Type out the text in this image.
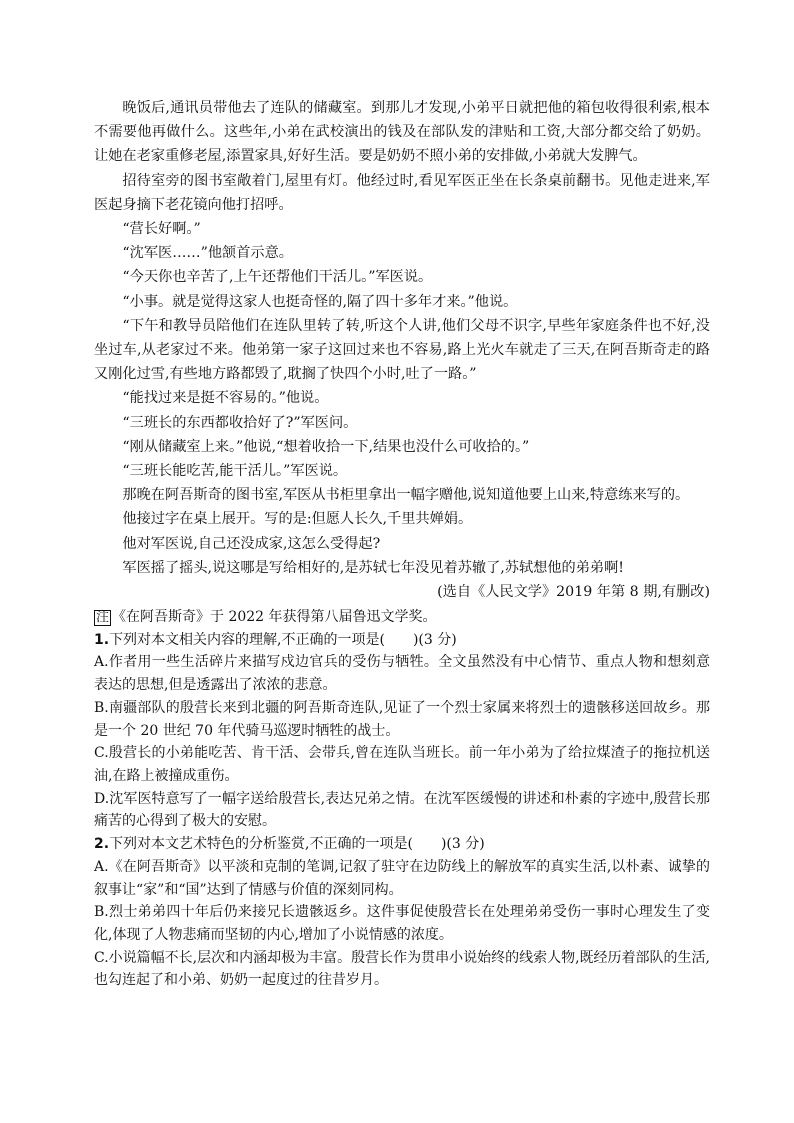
晚饭后,通讯员带他去了连队的储藏室。到那儿才发现,小弟平日就把他的箱包收得很利索,根本不需要他再做什么。这些年,小弟在武校演出的钱及在部队发的津贴和工资,大部分都交给了奶奶。让她在老家重修老屋,添置家具,好好生活。要是奶奶不照小弟的安排做,小弟就大发脾气。

招待室旁的图书室敞着门,屋里有灯。他经过时,看见军医正坐在长条桌前翻书。见他走进来,军医起身摘下老花镜向他打招呼。

“营长好啊。”

“沈军医……”他颔首示意。

“今天你也辛苦了,上午还帮他们干活儿。”军医说。

“小事。就是觉得这家人也挺奇怪的,隔了四十多年才来。”他说。

“下午和教导员陪他们在连队里转了转,听这个人讲,他们父母不识字,早些年家庭条件也不好,没坐过车,从老家过不来。他弟第一家子这回过来也不容易,路上光火车就走了三天,在阿吾斯奇走的路又刚化过雪,有些地方路都毁了,耽搁了快四个小时,吐了一路。”

“能找过来是挺不容易的。”他说。

“三班长的东西都收拾好了?”军医问。

“刚从储藏室上来。”他说,“想着收拾一下,结果也没什么可收拾的。”

“三班长能吃苦,能干活儿。”军医说。

那晚在阿吾斯奇的图书室,军医从书柜里拿出一幅字赠他,说知道他要上山来,特意练来写的。

他接过字在桌上展开。写的是:但愿人长久,千里共婵娟。

他对军医说,自己还没成家,这怎么受得起?

军医摇了摇头,说这哪是写给相好的,是苏轼七年没见着苏辙了,苏轼想他的弟弟啊!

(选自《人民文学》2019 年第 8 期,有删改)

注 《在阿吾斯奇》于 2022 年获得第八届鲁迅文学奖。

1.下列对本文相关内容的理解,不正确的一项是(　　)(3 分)

A.作者用一些生活碎片来描写戍边官兵的受伤与牺牲。全文虽然没有中心情节、重点人物和想刻意表达的思想,但是透露出了浓浓的悲意。

B.南疆部队的殷营长来到北疆的阿吾斯奇连队,见证了一个烈士家属来将烈士的遗骸移送回故乡。那是一个 20 世纪 70 年代骑马巡逻时牺牲的战士。

C.殷营长的小弟能吃苦、肯干活、会带兵,曾在连队当班长。前一年小弟为了给拉煤渣子的拖拉机送油,在路上被撞成重伤。

D.沈军医特意写了一幅字送给殷营长,表达兄弟之情。在沈军医缓慢的讲述和朴素的字迹中,殷营长那痛苦的心得到了极大的安慰。

2.下列对本文艺术特色的分析鉴赏,不正确的一项是(　　)(3 分)

A.《在阿吾斯奇》以平淡和克制的笔调,记叙了驻守在边防线上的解放军的真实生活,以朴素、诚挚的叙事让“家”和“国”达到了情感与价值的深刻同构。

B.烈士弟弟四十年后仍来接兄长遗骸返乡。这件事促使殷营长在处理弟弟受伤一事时心理发生了变化,体现了人物悲痛而坚韧的内心,增加了小说情感的浓度。

C.小说篇幅不长,层次和内涵却极为丰富。殷营长作为贯串小说始终的线索人物,既经历着部队的生活,也勾连起了和小弟、奶奶一起度过的往昔岁月。
